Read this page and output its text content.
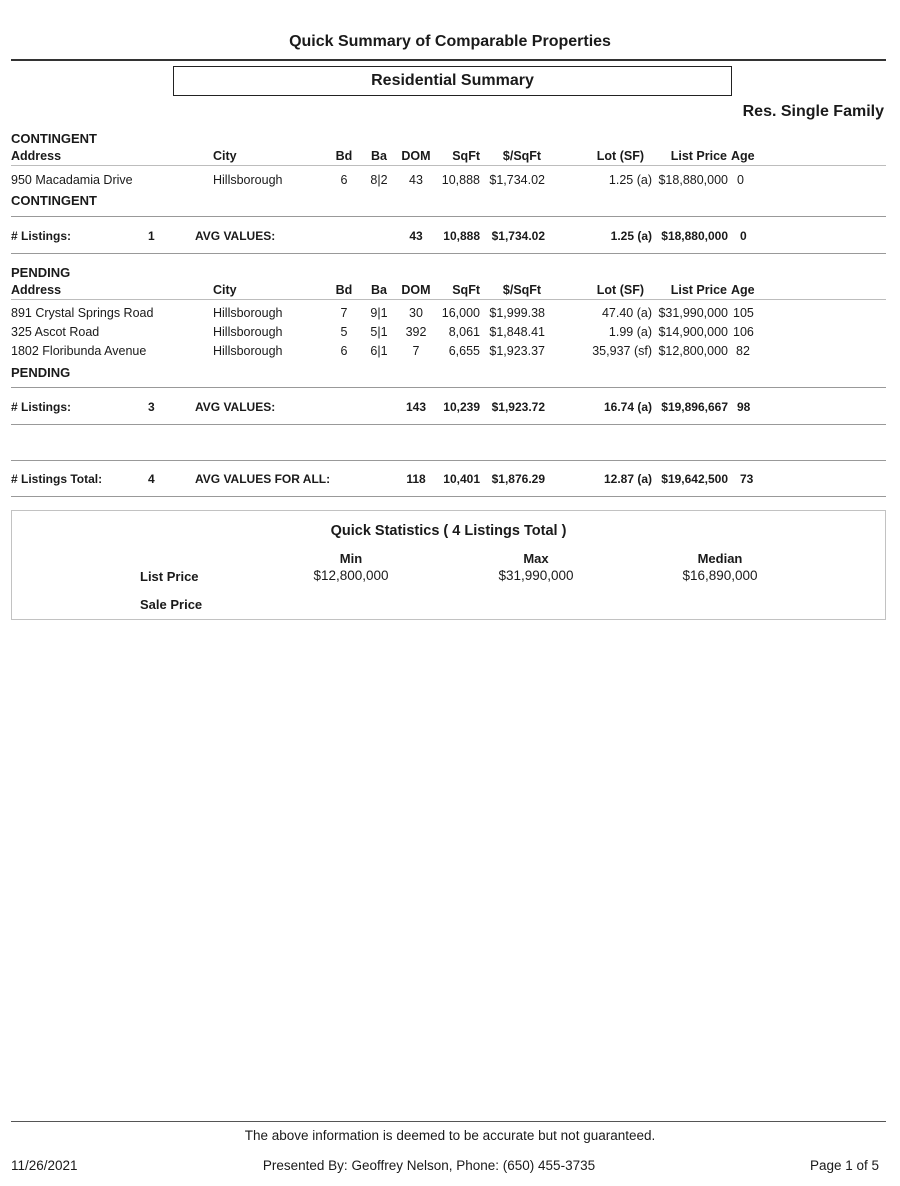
Quick Summary of Comparable Properties
Residential Summary
Res. Single Family
CONTINGENT
Address	City	Bd	Ba	DOM	SqFt	$/SqFt	Lot (SF)	List Price Age
950 Macadamia Drive	Hillsborough	6	8|2	43	10,888 $1,734.02	1.25 (a) $18,880,000 0
CONTINGENT
# Listings:	1	AVG VALUES:	43	10,888 $1,734.02	1.25 (a) $18,880,000 0
PENDING
Address	City	Bd	Ba	DOM	SqFt	$/SqFt	Lot (SF)	List Price Age
891 Crystal Springs Road	Hillsborough	7	9|1	30	16,000 $1,999.38	47.40 (a) $31,990,000 105
325 Ascot Road	Hillsborough	5	5|1	392	8,061 $1,848.41	1.99 (a) $14,900,000 106
1802 Floribunda Avenue	Hillsborough	6	6|1	7	6,655 $1,923.37	35,937 (sf) $12,800,000 82
PENDING
# Listings:	3	AVG VALUES:	143	10,239 $1,923.72	16.74 (a) $19,896,667 98
# Listings Total:	4	AVG VALUES FOR ALL:	118	10,401 $1,876.29	12.87 (a) $19,642,500 73
Quick Statistics ( 4 Listings Total )
Min	Max	Median
List Price	$12,800,000	$31,990,000	$16,890,000
Sale Price
The above information is deemed to be accurate but not guaranteed.
11/26/2021	Presented By: Geoffrey Nelson, Phone: (650) 455-3735	Page 1 of 5
